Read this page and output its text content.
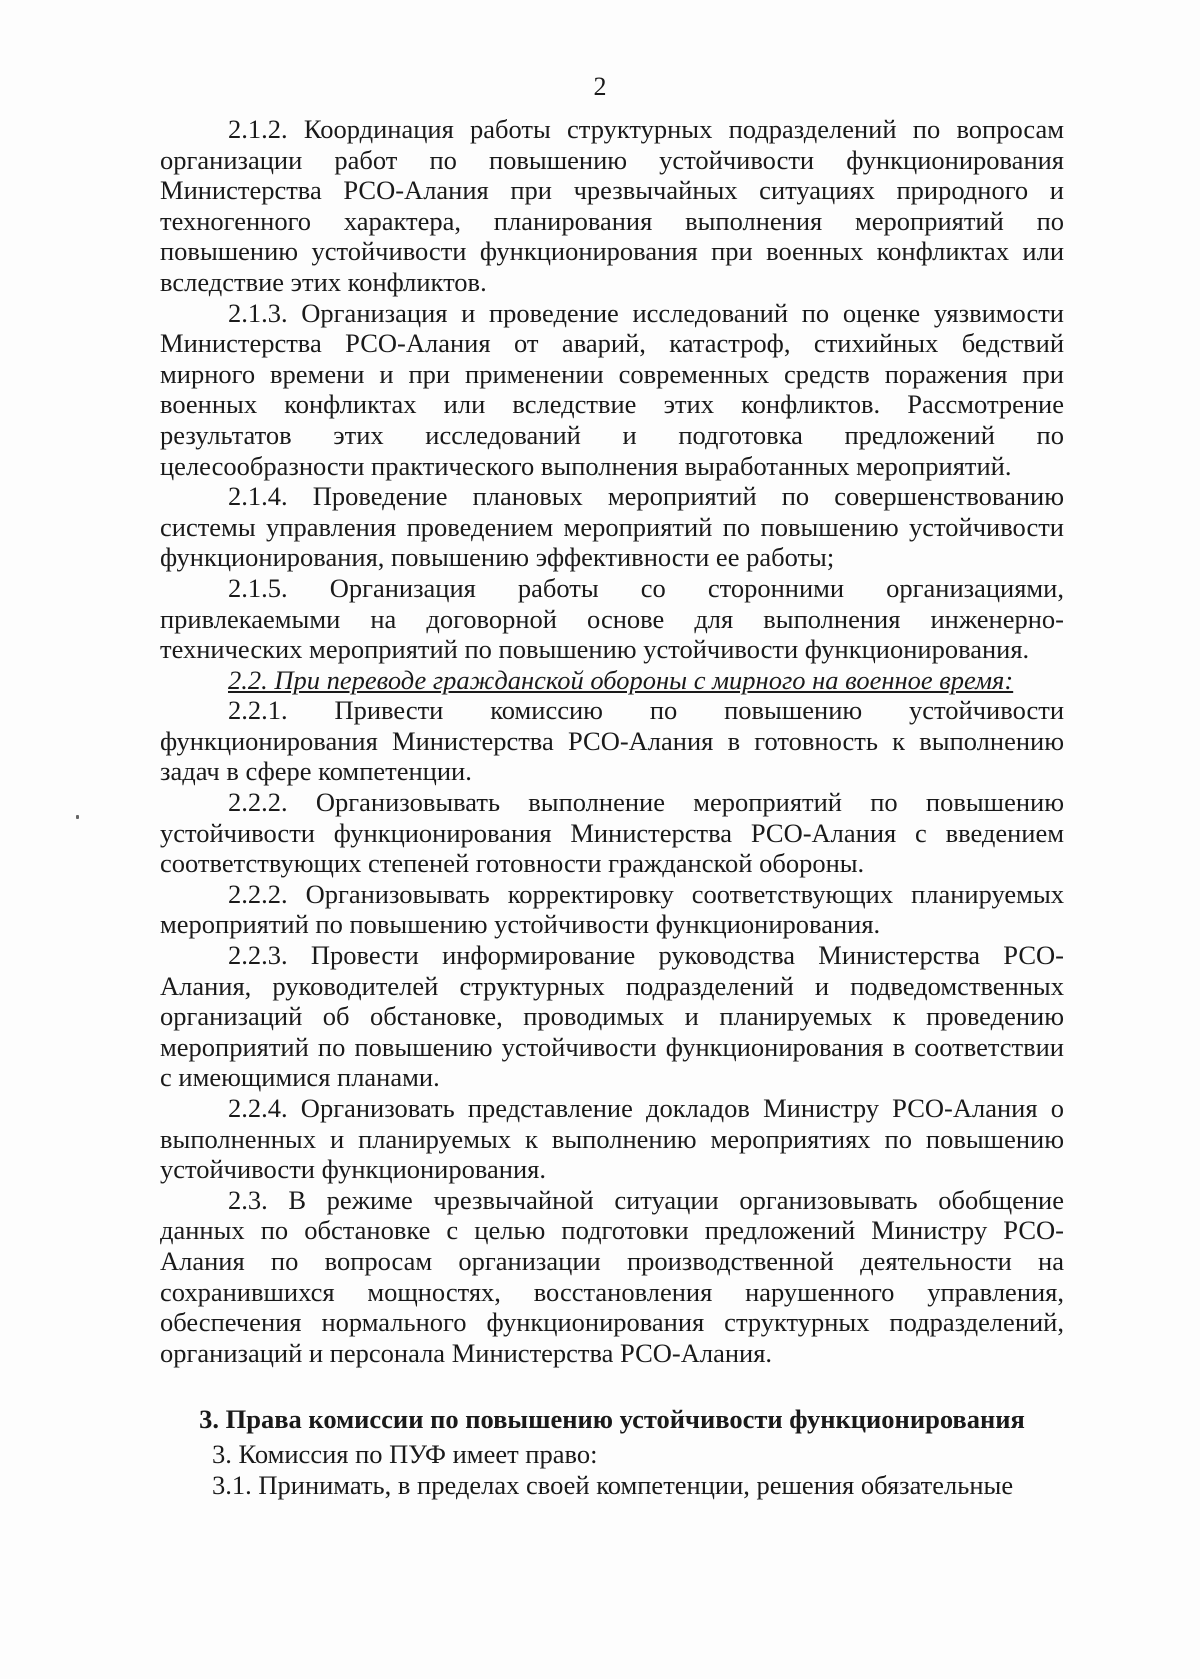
2

2.1.2. Координация работы структурных подразделений по вопросам организации работ по повышению устойчивости функционирования Министерства РСО-Алания при чрезвычайных ситуациях природного и техногенного характера, планирования выполнения мероприятий по повышению устойчивости функционирования при военных конфликтах или вследствие этих конфликтов.

2.1.3. Организация и проведение исследований по оценке уязвимости Министерства РСО-Алания от аварий, катастроф, стихийных бедствий мирного времени и при применении современных средств поражения при военных конфликтах или вследствие этих конфликтов. Рассмотрение результатов этих исследований и подготовка предложений по целесообразности практического выполнения выработанных мероприятий.

2.1.4. Проведение плановых мероприятий по совершенствованию системы управления проведением мероприятий по повышению устойчивости функционирования, повышению эффективности ее работы;

2.1.5. Организация работы со сторонними организациями, привлекаемыми на договорной основе для выполнения инженерно-технических мероприятий по повышению устойчивости функционирования.

2.2. При переводе гражданской обороны с мирного на военное время:

2.2.1. Привести комиссию по повышению устойчивости функционирования Министерства РСО-Алания в готовность к выполнению задач в сфере компетенции.

2.2.2. Организовывать выполнение мероприятий по повышению устойчивости функционирования Министерства РСО-Алания с введением соответствующих степеней готовности гражданской обороны.

2.2.2. Организовывать корректировку соответствующих планируемых мероприятий по повышению устойчивости функционирования.

2.2.3. Провести информирование руководства Министерства РСО-Алания, руководителей структурных подразделений и подведомственных организаций об обстановке, проводимых и планируемых к проведению мероприятий по повышению устойчивости функционирования в соответствии с имеющимися планами.

2.2.4. Организовать представление докладов Министру РСО-Алания о выполненных и планируемых к выполнению мероприятиях по повышению устойчивости функционирования.

2.3. В режиме чрезвычайной ситуации организовывать обобщение данных по обстановке с целью подготовки предложений Министру РСО-Алания по вопросам организации производственной деятельности на сохранившихся мощностях, восстановления нарушенного управления, обеспечения нормального функционирования структурных подразделений, организаций и персонала Министерства РСО-Алания.

3. Права комиссии по повышению устойчивости функционирования

3. Комиссия по ПУФ имеет право:

3.1. Принимать, в пределах своей компетенции, решения обязательные
